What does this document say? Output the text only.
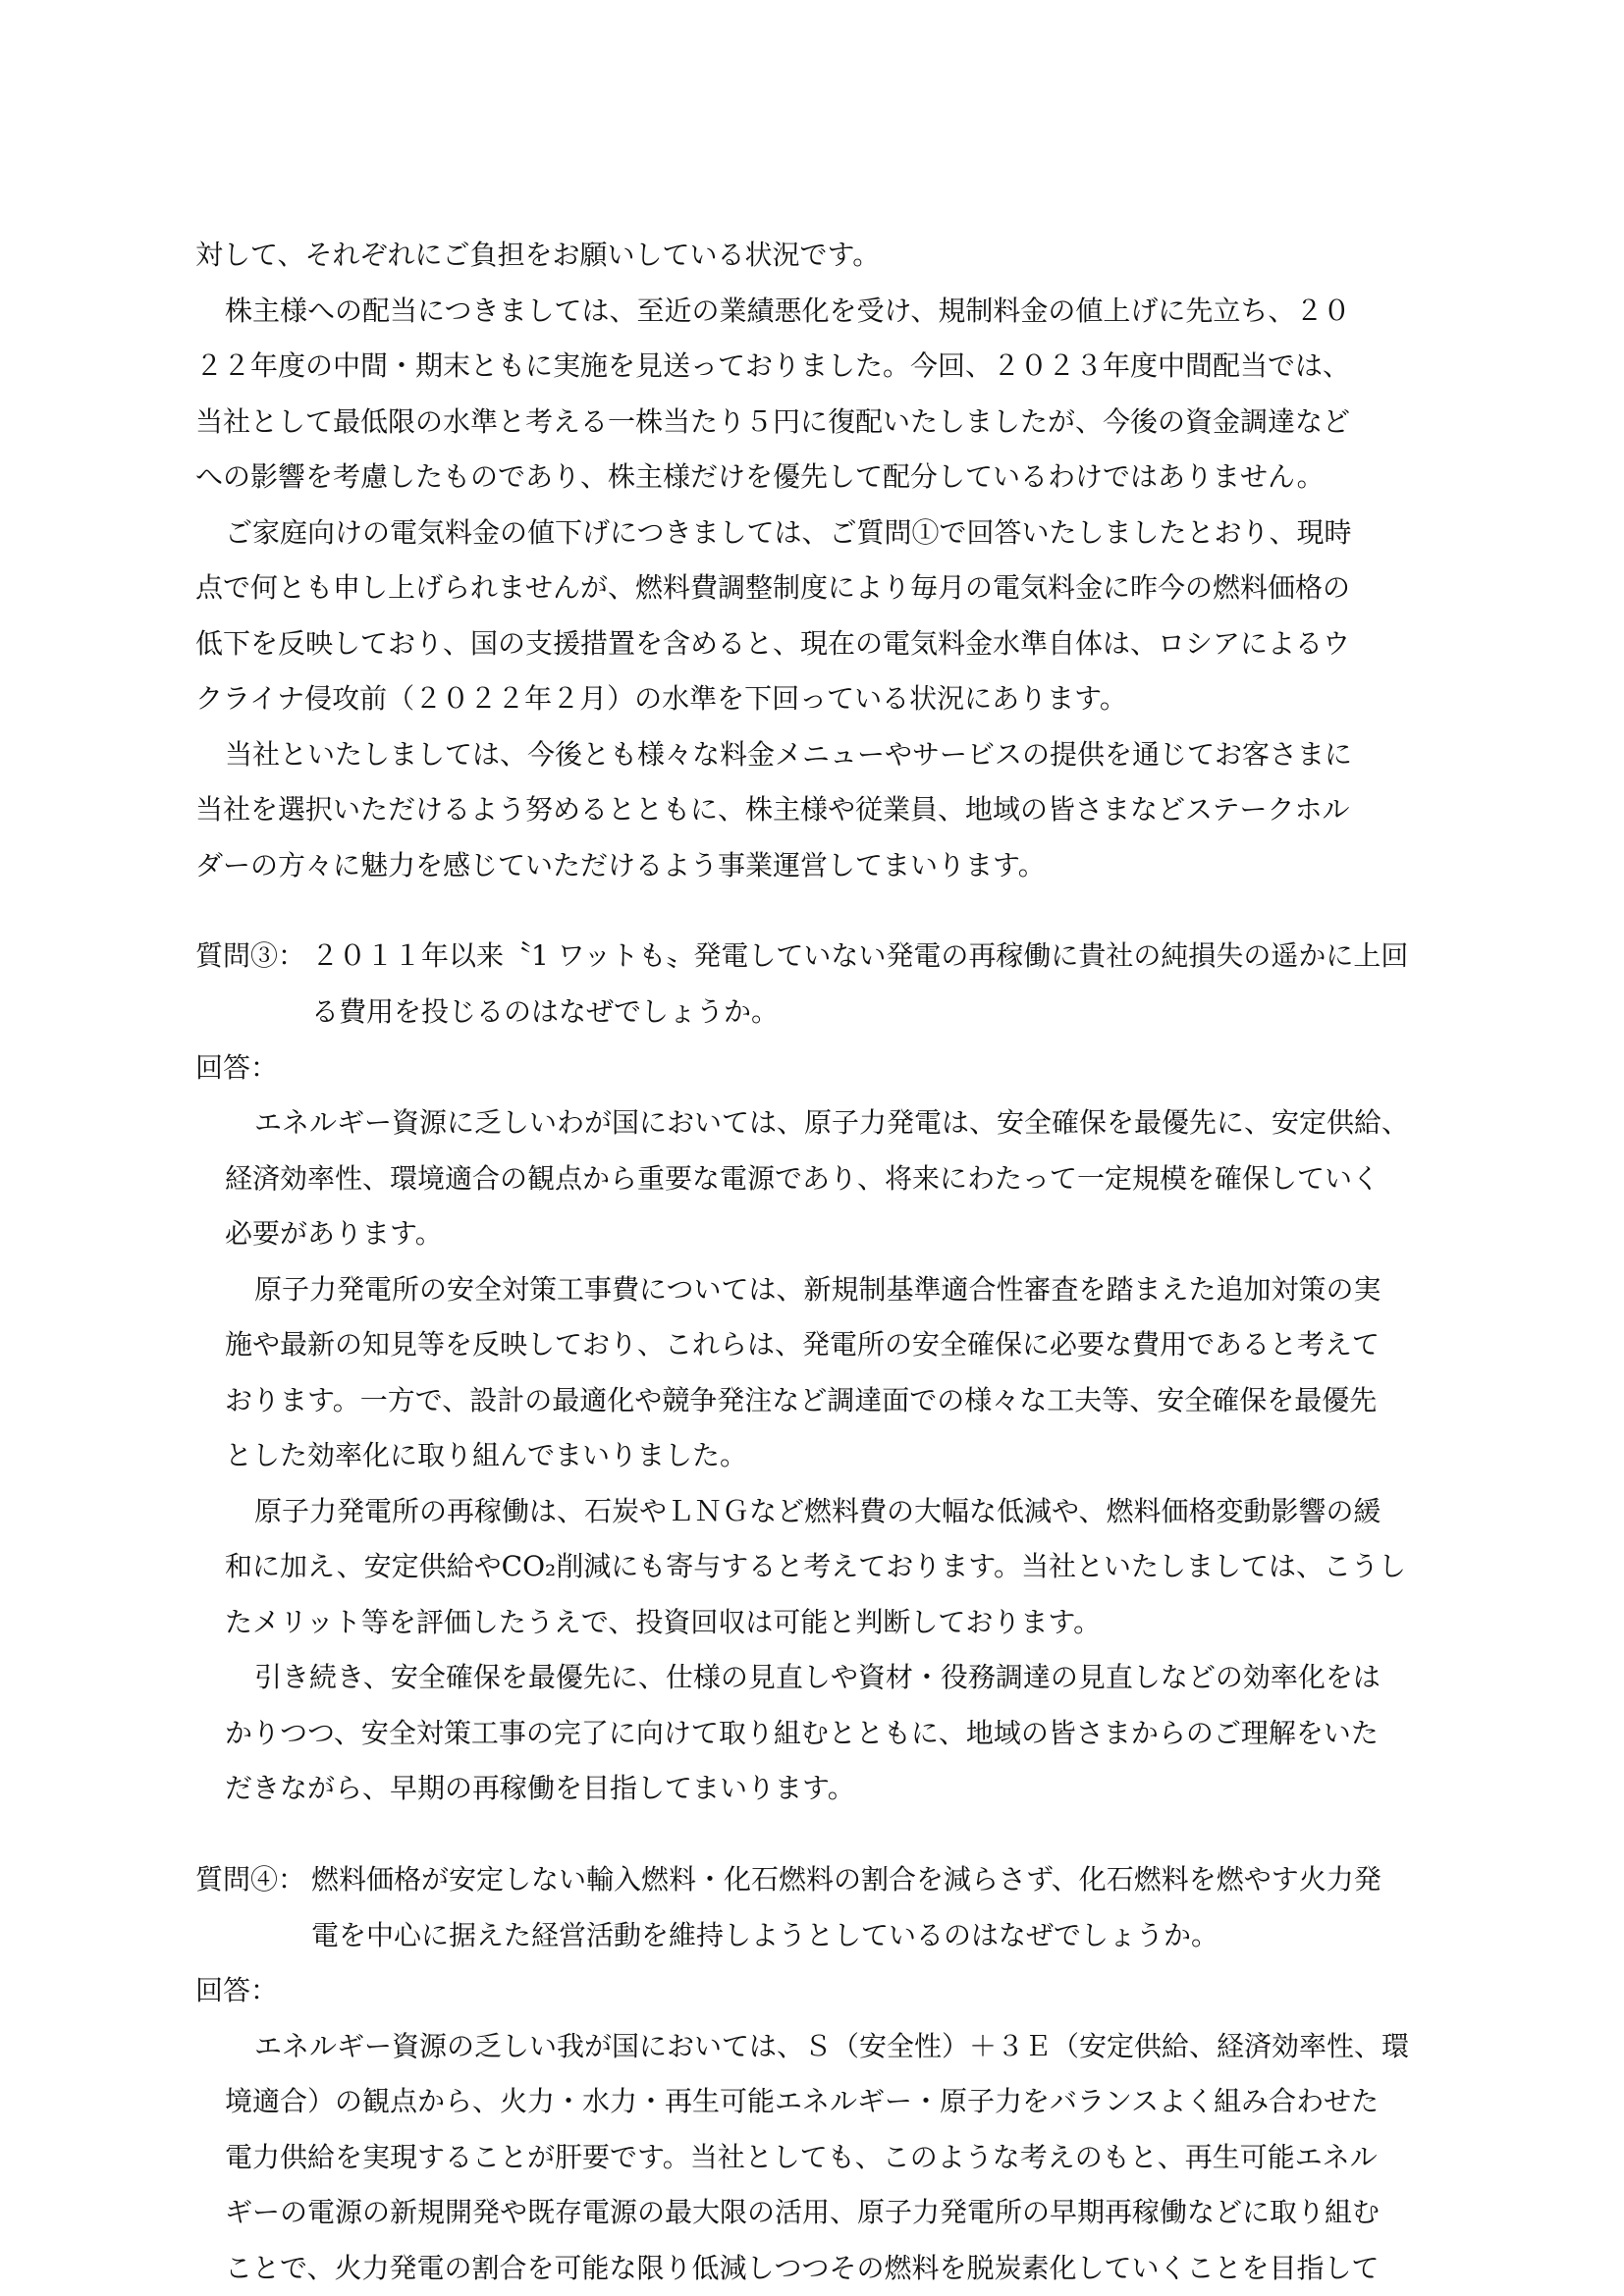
対して、それぞれにご負担をお願いしている状況です。
株主様への配当につきましては、至近の業績悪化を受け、規制料金の値上げに先立ち、２０
２２年度の中間・期末ともに実施を見送っておりました。今回、２０２３年度中間配当では、
当社として最低限の水準と考える一株当たり５円に復配いたしましたが、今後の資金調達など
への影響を考慮したものであり、株主様だけを優先して配分しているわけではありません。
ご家庭向けの電気料金の値下げにつきましては、ご質問①で回答いたしましたとおり、現時
点で何とも申し上げられませんが、燃料費調整制度により毎月の電気料金に昨今の燃料価格の
低下を反映しており、国の支援措置を含めると、現在の電気料金水準自体は、ロシアによるウ
クライナ侵攻前（２０２２年２月）の水準を下回っている状況にあります。
当社といたしましては、今後とも様々な料金メニューやサービスの提供を通じてお客さまに
当社を選択いただけるよう努めるとともに、株主様や従業員、地域の皆さまなどステークホル
ダーの方々に魅力を感じていただけるよう事業運営してまいります。
質問③： ２０１１年以来〝1 ワットも〟発電していない発電の再稼働に貴社の純損失の遥かに上回
る費用を投じるのはなぜでしょうか。
回答：
エネルギー資源に乏しいわが国においては、原子力発電は、安全確保を最優先に、安定供給、
経済効率性、環境適合の観点から重要な電源であり、将来にわたって一定規模を確保していく
必要があります。
原子力発電所の安全対策工事費については、新規制基準適合性審査を踏まえた追加対策の実
施や最新の知見等を反映しており、これらは、発電所の安全確保に必要な費用であると考えて
おります。一方で、設計の最適化や競争発注など調達面での様々な工夫等、安全確保を最優先
とした効率化に取り組んでまいりました。
原子力発電所の再稼働は、石炭やＬＮＧなど燃料費の大幅な低減や、燃料価格変動影響の緩
和に加え、安定供給やCO₂削減にも寄与すると考えております。当社といたしましては、こうし
たメリット等を評価したうえで、投資回収は可能と判断しております。
引き続き、安全確保を最優先に、仕様の見直しや資材・役務調達の見直しなどの効率化をは
かりつつ、安全対策工事の完了に向けて取り組むとともに、地域の皆さまからのご理解をいた
だきながら、早期の再稼働を目指してまいります。
質問④： 燃料価格が安定しない輸入燃料・化石燃料の割合を減らさず、化石燃料を燃やす火力発
電を中心に据えた経営活動を維持しようとしているのはなぜでしょうか。
回答：
エネルギー資源の乏しい我が国においては、Ｓ（安全性）＋３Ｅ（安定供給、経済効率性、環
境適合）の観点から、火力・水力・再生可能エネルギー・原子力をバランスよく組み合わせた
電力供給を実現することが肝要です。当社としても、このような考えのもと、再生可能エネル
ギーの電源の新規開発や既存電源の最大限の活用、原子力発電所の早期再稼働などに取り組む
ことで、火力発電の割合を可能な限り低減しつつその燃料を脱炭素化していくことを目指して
